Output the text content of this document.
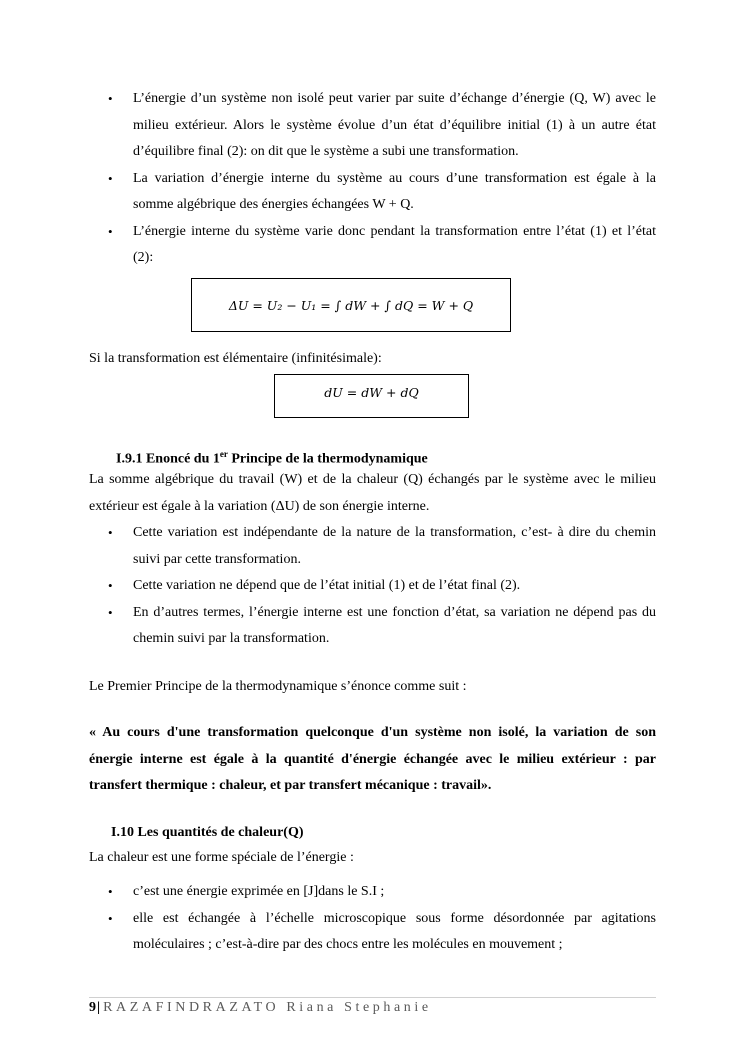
• L’énergie d’un système non isolé peut varier par suite d’échange d’énergie (Q, W) avec le milieu extérieur. Alors le système évolue d’un état d’équilibre initial (1) à un autre état d’équilibre final (2): on dit que le système a subi une transformation.
• La variation d’énergie interne du système au cours d’une transformation est égale à la somme algébrique des énergies échangées W + Q.
• L’énergie interne du système varie donc pendant la transformation entre l’état (1) et l’état (2):
ΔU = U₂ − U₁ = ∫ dW + ∫ dQ = W + Q

Si la transformation est élémentaire (infinitésimale):

dU = dW + dQ
I.9.1 Enoncé du 1er Principe de la thermodynamique

La somme algébrique du travail (W) et de la chaleur (Q) échangés par le système avec le milieu extérieur est égale à la variation (ΔU) de son énergie interne.

• Cette variation est indépendante de la nature de la transformation, c’est- à dire du chemin suivi par cette transformation.
• Cette variation ne dépend que de l’état initial (1) et de l’état final (2).
• En d’autres termes, l’énergie interne est une fonction d’état, sa variation ne dépend pas du chemin suivi par la transformation.

Le Premier Principe de la thermodynamique s’énonce comme suit :

« Au cours d'une transformation quelconque d'un système non isolé, la variation de son énergie interne est égale à la quantité d'énergie échangée avec le milieu extérieur : par transfert thermique : chaleur, et par transfert mécanique : travail».

I.10 Les quantités de chaleur(Q)

La chaleur est une forme spéciale de l’énergie :

• c’est une énergie exprimée en [J]dans le S.I ;
• elle est échangée à l’échelle microscopique sous forme désordonnée par agitations moléculaires ; c’est-à-dire par des chocs entre les molécules en mouvement ;
9| RAZAFINDRAZATO Riana Stephanie
